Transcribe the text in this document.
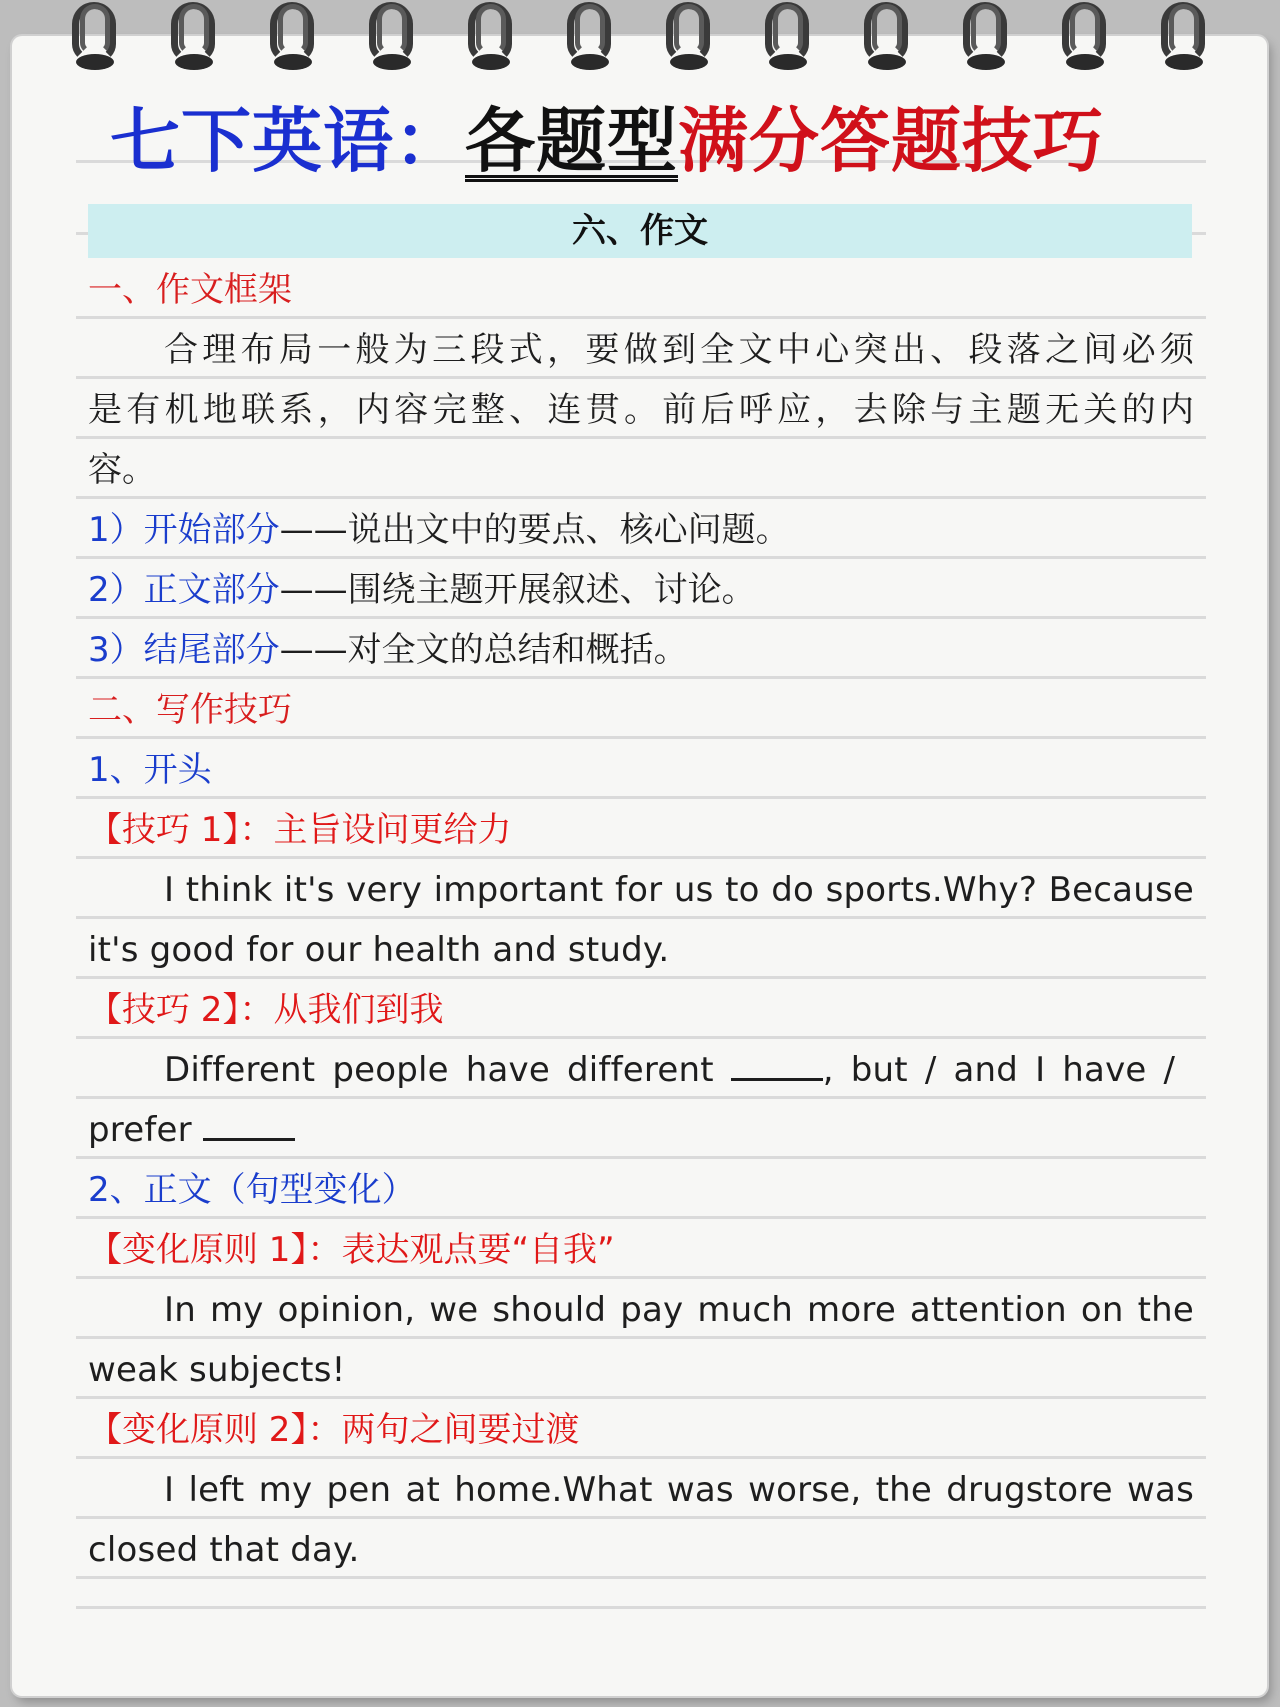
七下英语：各题型满分答题技巧
六、作文
一、作文框架
合理布局一般为三段式，要做到全文中心突出、段落之间必须
是有机地联系，内容完整、连贯。前后呼应，去除与主题无关的内
容。
1）开始部分——说出文中的要点、核心问题。
2）正文部分——围绕主题开展叙述、讨论。
3）结尾部分——对全文的总结和概括。
二、写作技巧
1、开头
【技巧 1】：主旨设问更给力
I think it's very important for us to do sports.Why? Because
it's good for our health and study.
【技巧 2】：从我们到我
Different people have different	, but / and I have /
prefer
2、正文（句型变化）
【变化原则 1】：表达观点要“自我”
In my opinion, we should pay much more attention on the
weak subjects!
【变化原则 2】：两句之间要过渡
I left my pen at home.What was worse, the drugstore was
closed that day.
